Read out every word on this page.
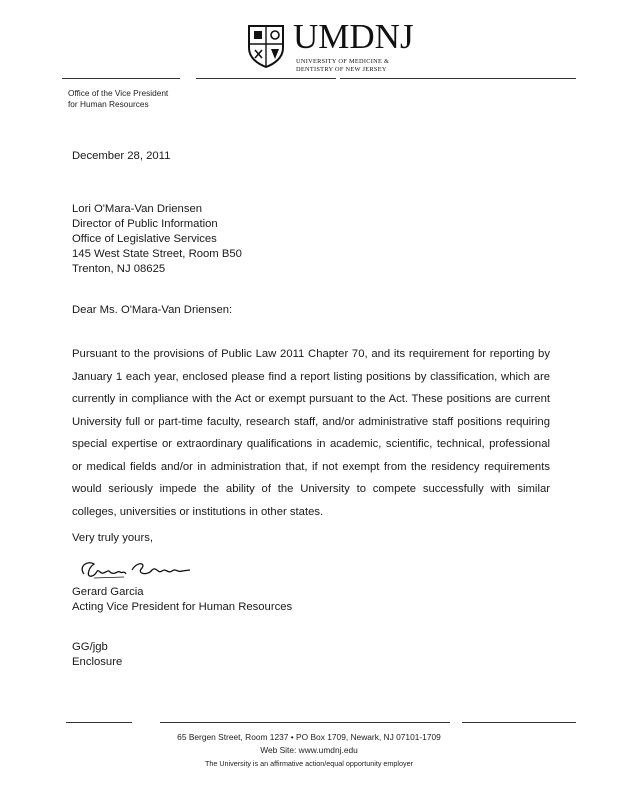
UMDNJ
UNIVERSITY OF MEDICINE &
DENTISTRY OF NEW JERSEY
Office of the Vice President
for Human Resources
December 28, 2011
Lori O'Mara-Van Driensen
Director of Public Information
Office of Legislative Services
145 West State Street, Room B50
Trenton, NJ 08625
Dear Ms. O'Mara-Van Driensen:
Pursuant to the provisions of Public Law 2011 Chapter 70, and its requirement for reporting by January 1 each year, enclosed please find a report listing positions by classification, which are currently in compliance with the Act or exempt pursuant to the Act. These positions are current University full or part-time faculty, research staff, and/or administrative staff positions requiring special expertise or extraordinary qualifications in academic, scientific, technical, professional or medical fields and/or in administration that, if not exempt from the residency requirements would seriously impede the ability of the University to compete successfully with similar colleges, universities or institutions in other states.
Very truly yours,
Gerard Garcia
Acting Vice President for Human Resources
GG/jgb
Enclosure
65 Bergen Street, Room 1237 • PO Box 1709, Newark, NJ 07101-1709
Web Site: www.umdnj.edu
The University is an affirmative action/equal opportunity employer
